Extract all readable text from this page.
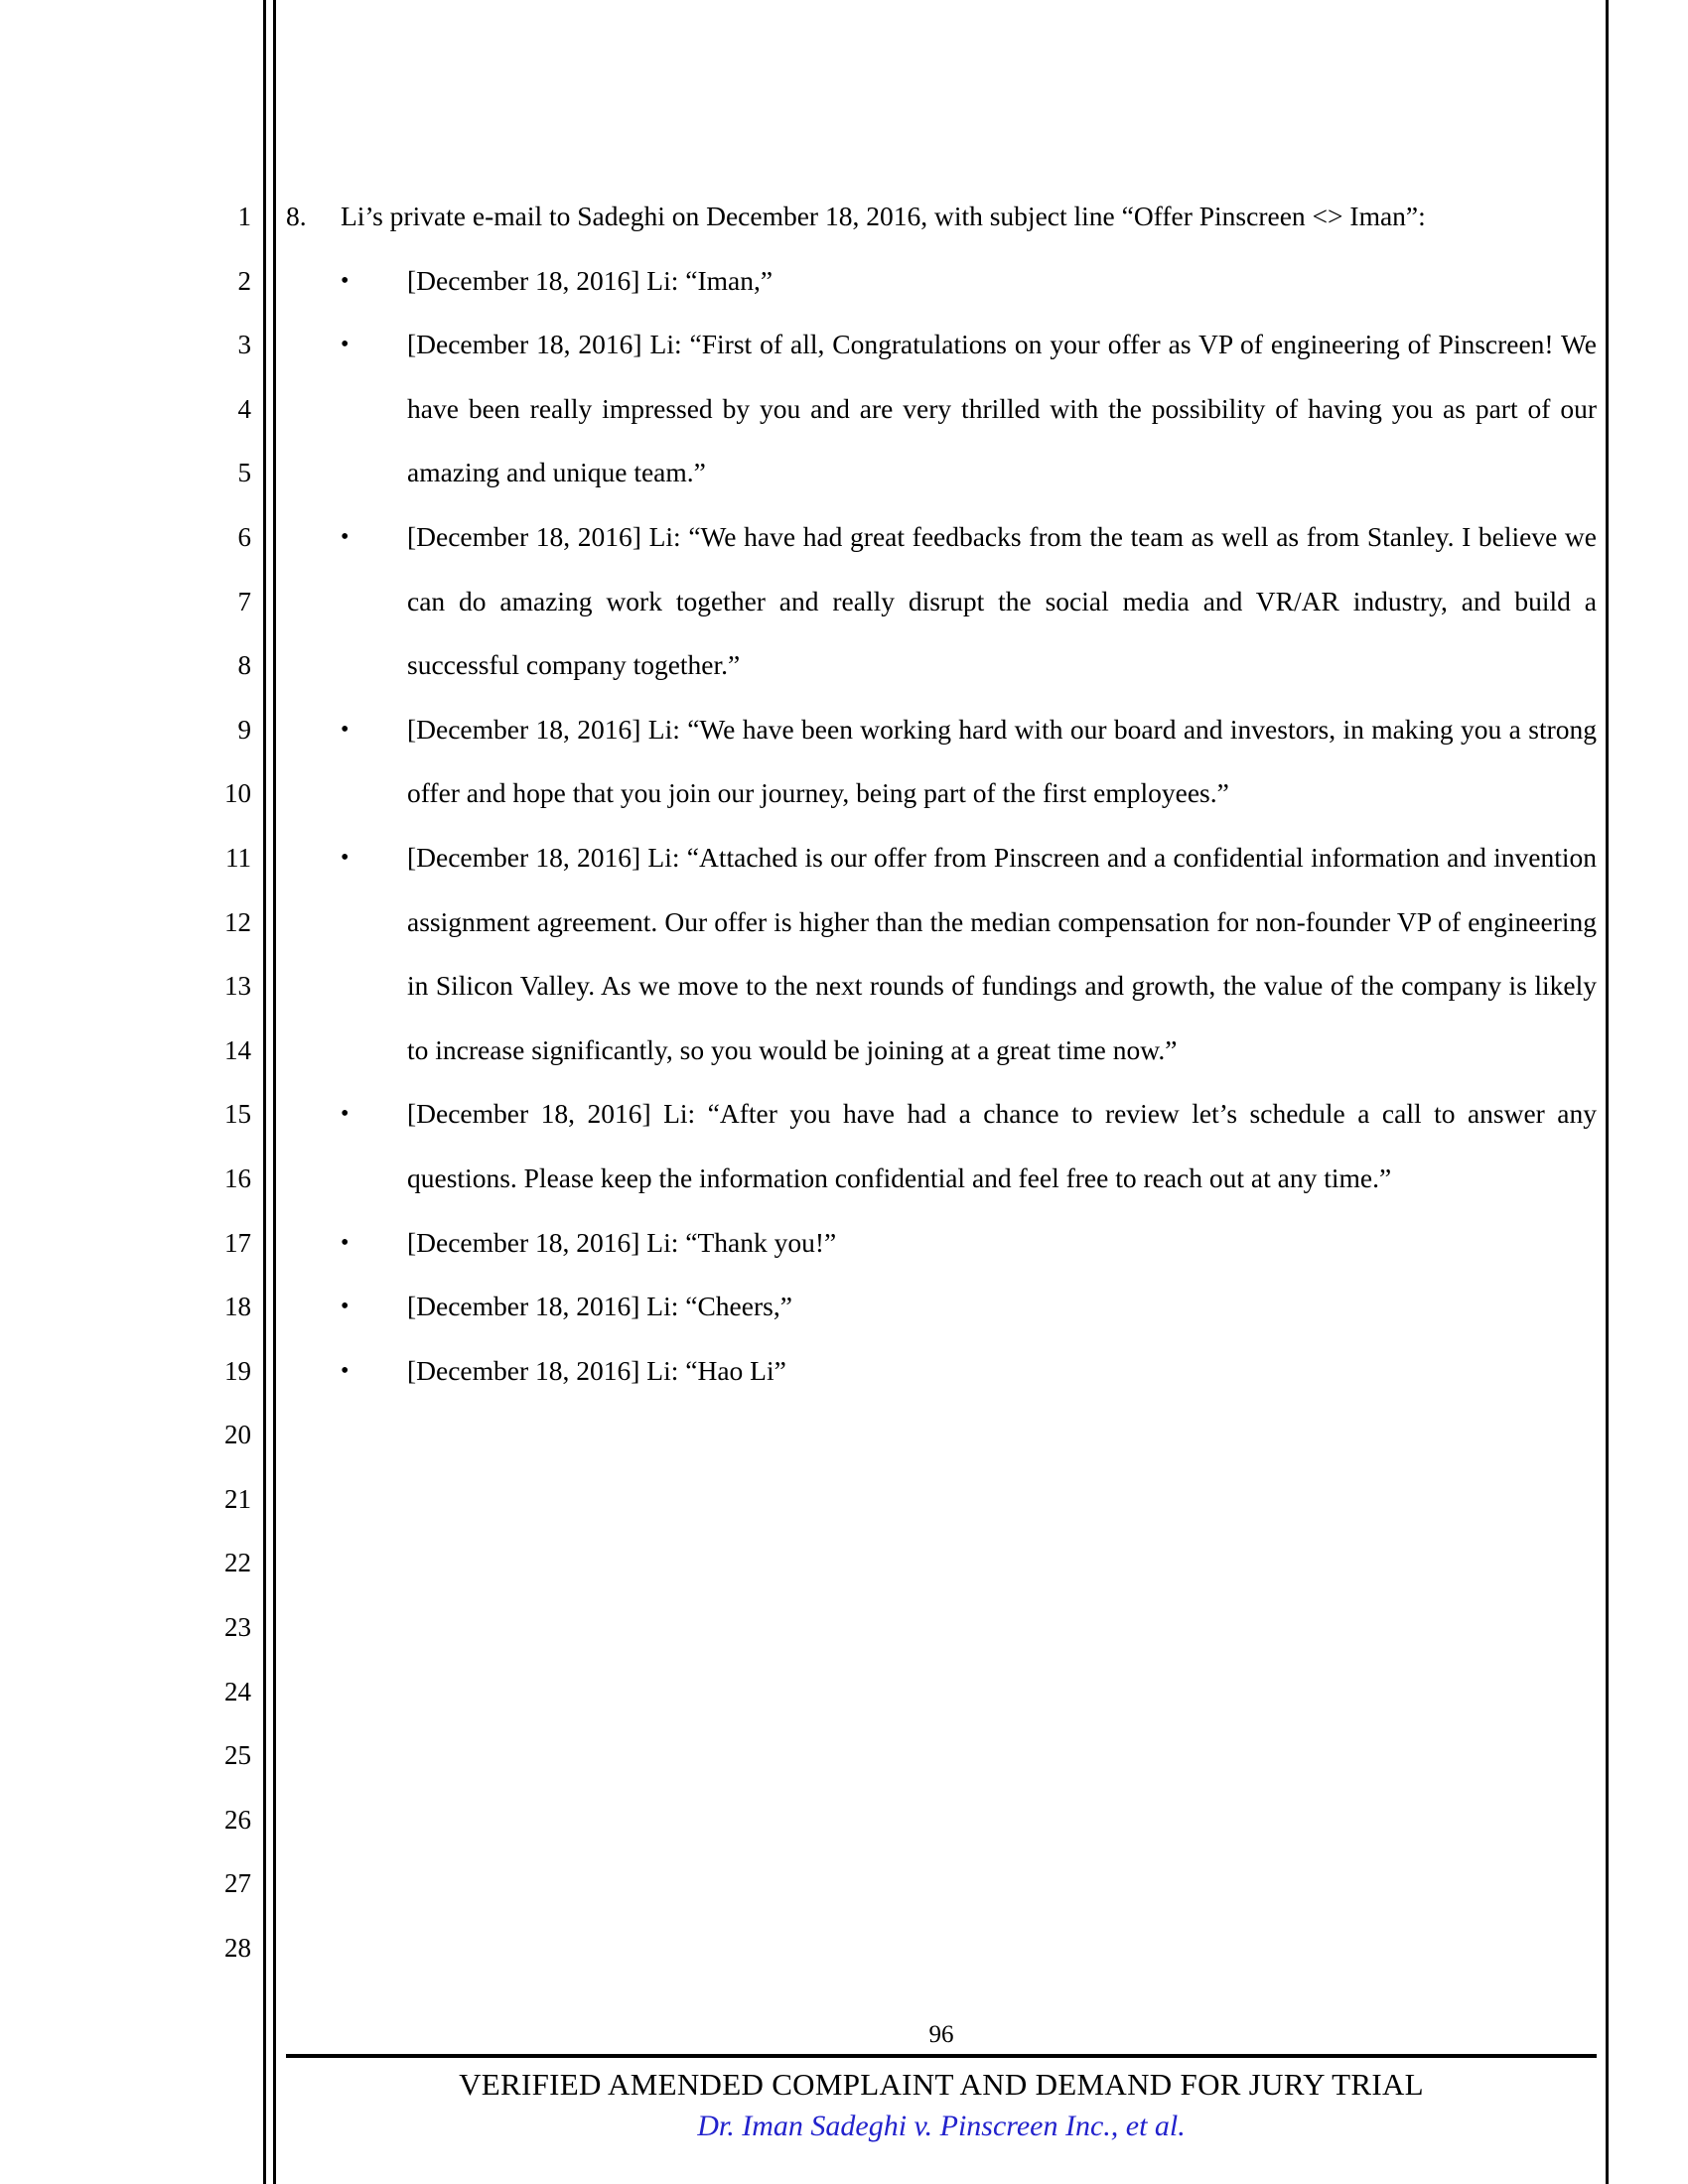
1
2
3
4
5
6
7
8
9
10
11
12
13
14
15
16
17
18
19
20
21
22
23
24
25
26
27
28

8. Li’s private e-mail to Sadeghi on December 18, 2016, with subject line “Offer Pinscreen <> Iman”:

• [December 18, 2016] Li: “Iman,”
• [December 18, 2016] Li: “First of all, Congratulations on your offer as VP of engineering of Pinscreen! We have been really impressed by you and are very thrilled with the possibility of having you as part of our amazing and unique team.”
• [December 18, 2016] Li: “We have had great feedbacks from the team as well as from Stanley. I believe we can do amazing work together and really disrupt the social media and VR/AR industry, and build a successful company together.”
• [December 18, 2016] Li: “We have been working hard with our board and investors, in making you a strong offer and hope that you join our journey, being part of the first employees.”
• [December 18, 2016] Li: “Attached is our offer from Pinscreen and a confidential information and invention assignment agreement. Our offer is higher than the median compensation for non-founder VP of engineering in Silicon Valley. As we move to the next rounds of fundings and growth, the value of the company is likely to increase significantly, so you would be joining at a great time now.”
• [December 18, 2016] Li: “After you have had a chance to review let’s schedule a call to answer any questions. Please keep the information confidential and feel free to reach out at any time.”
• [December 18, 2016] Li: “Thank you!”
• [December 18, 2016] Li: “Cheers,”
• [December 18, 2016] Li: “Hao Li”
96
VERIFIED AMENDED COMPLAINT AND DEMAND FOR JURY TRIAL
Dr. Iman Sadeghi v. Pinscreen Inc., et al.
